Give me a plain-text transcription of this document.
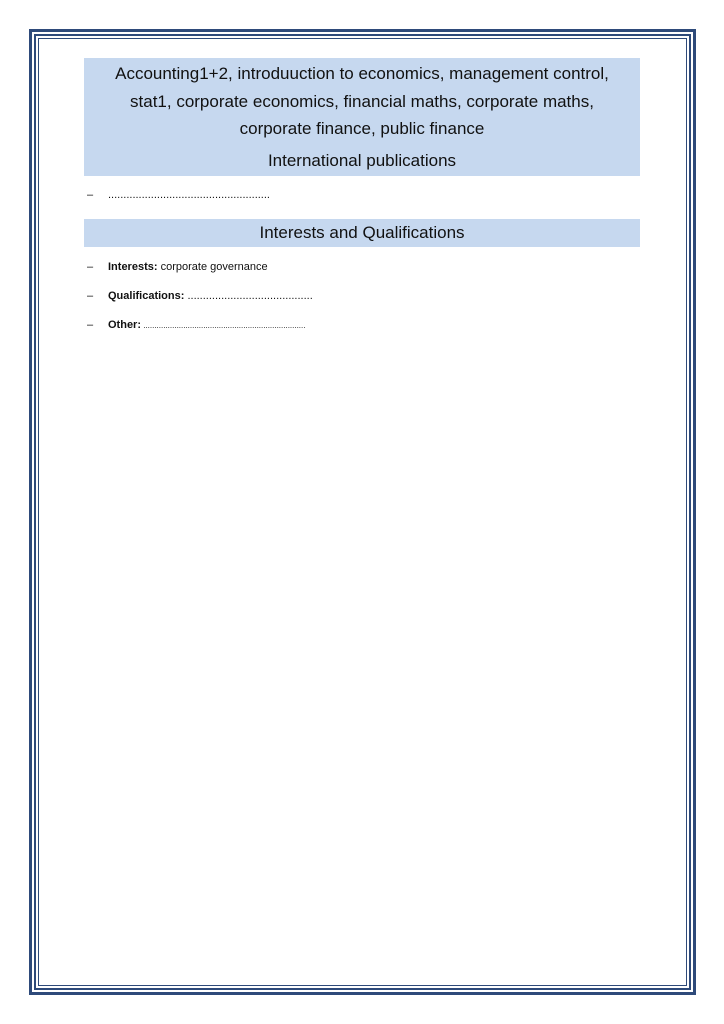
Accounting1+2, introduuction to economics, management control,

stat1, corporate economics, financial maths, corporate maths,

corporate finance, public finance

International publications

– .....................................................
Interests and Qualifications
– Interests: corporate governance
– Qualifications: .........................................
– Other: .........................................................................
